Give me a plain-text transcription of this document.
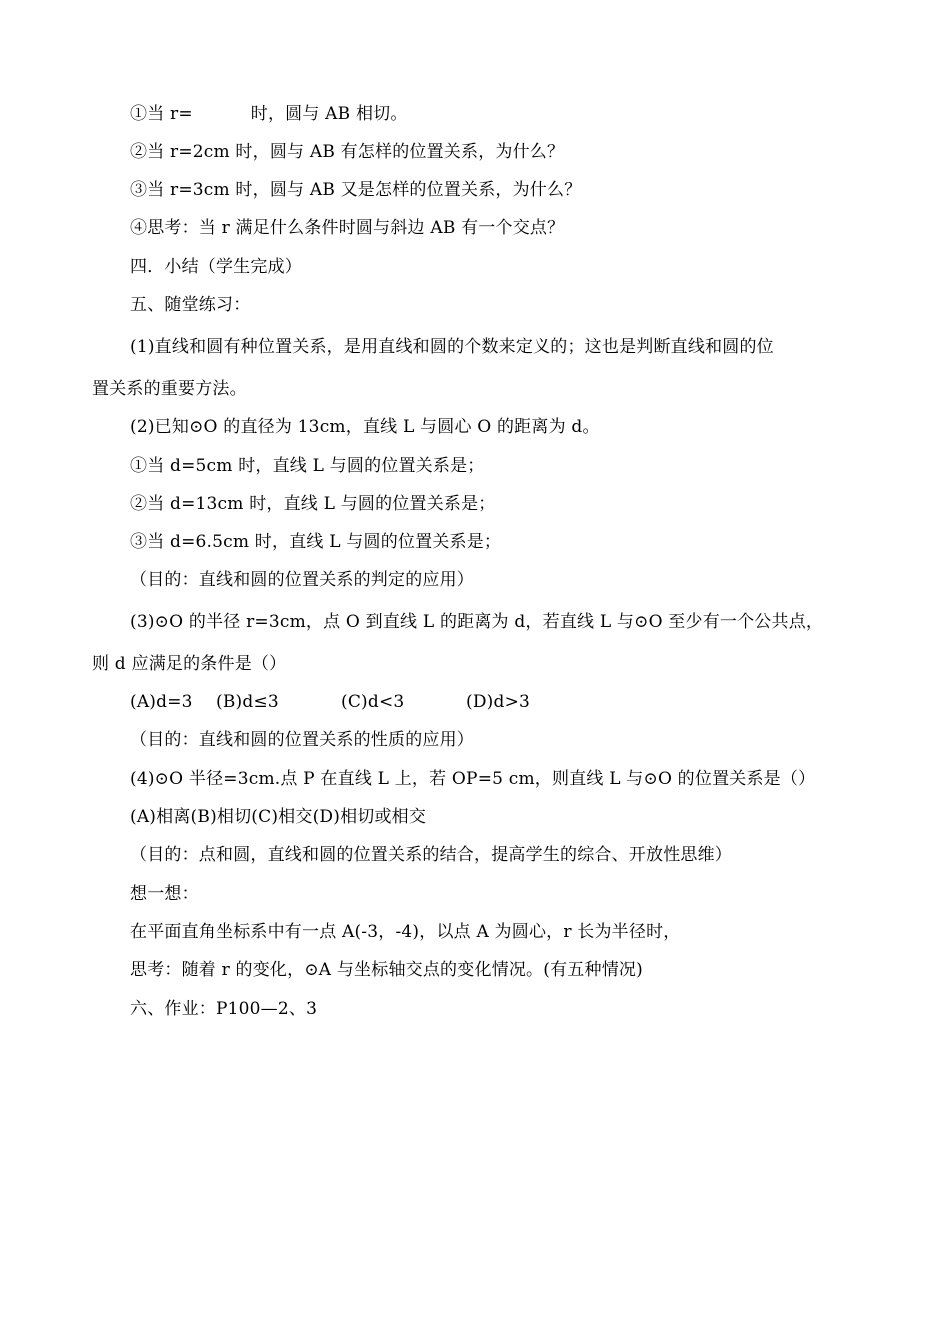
①当 r=	时，圆与 AB 相切。
②当 r=2cm 时，圆与 AB 有怎样的位置关系，为什么？
③当 r=3cm 时，圆与 AB 又是怎样的位置关系，为什么？
④思考：当 r 满足什么条件时圆与斜边 AB 有一个交点？
四．小结（学生完成）
五、随堂练习：
(1)直线和圆有种位置关系，是用直线和圆的个数来定义的；这也是判断直线和圆的位
置关系的重要方法。
(2)已知⊙O 的直径为 13cm，直线 L 与圆心 O 的距离为 d。
①当 d=5cm 时，直线 L 与圆的位置关系是；
②当 d=13cm 时，直线 L 与圆的位置关系是；
③当 d=6.5cm 时，直线 L 与圆的位置关系是；
（目的：直线和圆的位置关系的判定的应用）
(3)⊙O 的半径 r=3cm，点 O 到直线 L 的距离为 d，若直线 L 与⊙O 至少有一个公共点，
则 d 应满足的条件是（）
(A)d=3 (B)d≤3	(C)d<3	(D)d>3
（目的：直线和圆的位置关系的性质的应用）
(4)⊙O 半径=3cm.点 P 在直线 L 上，若 OP=5 cm，则直线 L 与⊙O 的位置关系是（）
(A)相离(B)相切(C)相交(D)相切或相交
（目的：点和圆，直线和圆的位置关系的结合，提高学生的综合、开放性思维）
想一想：
在平面直角坐标系中有一点 A(-3，-4)，以点 A 为圆心，r 长为半径时，
思考：随着 r 的变化，⊙A 与坐标轴交点的变化情况。(有五种情况)
六、作业：P100—2、3
